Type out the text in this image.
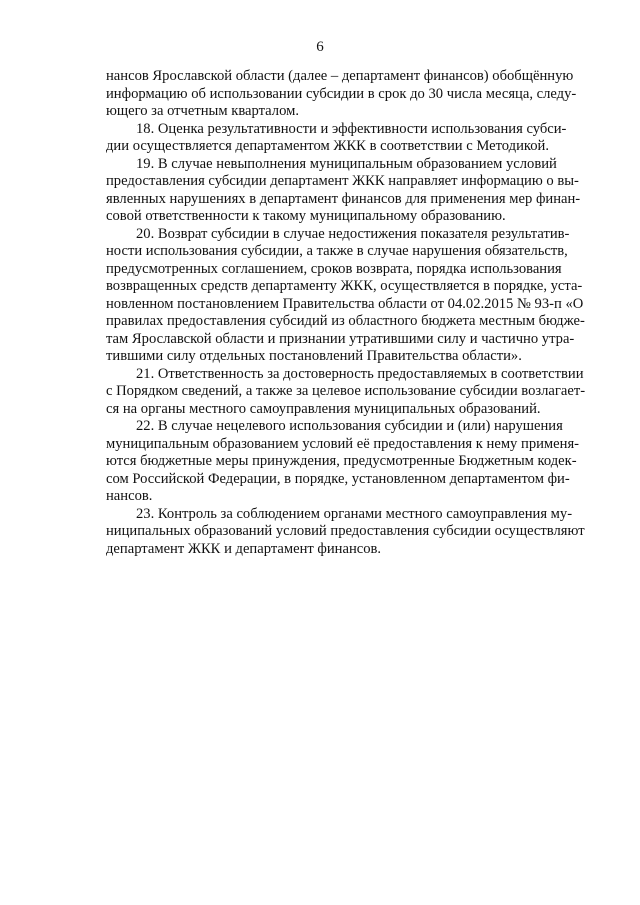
6
нансов Ярославской области (далее – департамент финансов) обобщённую
информацию об использовании субсидии в срок до 30 числа месяца, следу-
ющего за отчетным кварталом.
18. Оценка результативности и эффективности использования субси-
дии осуществляется департаментом ЖКК в соответствии с Методикой.
19. В случае невыполнения муниципальным образованием условий
предоставления субсидии департамент ЖКК направляет информацию о вы-
явленных нарушениях в департамент финансов для применения мер финан-
совой ответственности к такому муниципальному образованию.
20. Возврат субсидии в случае недостижения показателя результатив-
ности использования субсидии, а также в случае нарушения обязательств,
предусмотренных соглашением, сроков возврата, порядка использования
возвращенных средств департаменту ЖКК, осуществляется в порядке, уста-
новленном постановлением Правительства области от 04.02.2015 № 93-п «О
правилах предоставления субсидий из областного бюджета местным бюдже-
там Ярославской области и признании утратившими силу и частично утра-
тившими силу отдельных постановлений Правительства области».
21. Ответственность за достоверность предоставляемых в соответствии
с Порядком сведений, а также за целевое использование субсидии возлагает-
ся на органы местного самоуправления муниципальных образований.
22. В случае нецелевого использования субсидии и (или) нарушения
муниципальным образованием условий её предоставления к нему применя-
ются бюджетные меры принуждения, предусмотренные Бюджетным кодек-
сом Российской Федерации, в порядке, установленном департаментом фи-
нансов.
23. Контроль за соблюдением органами местного самоуправления му-
ниципальных образований условий предоставления субсидии осуществляют
департамент ЖКК и департамент финансов.
